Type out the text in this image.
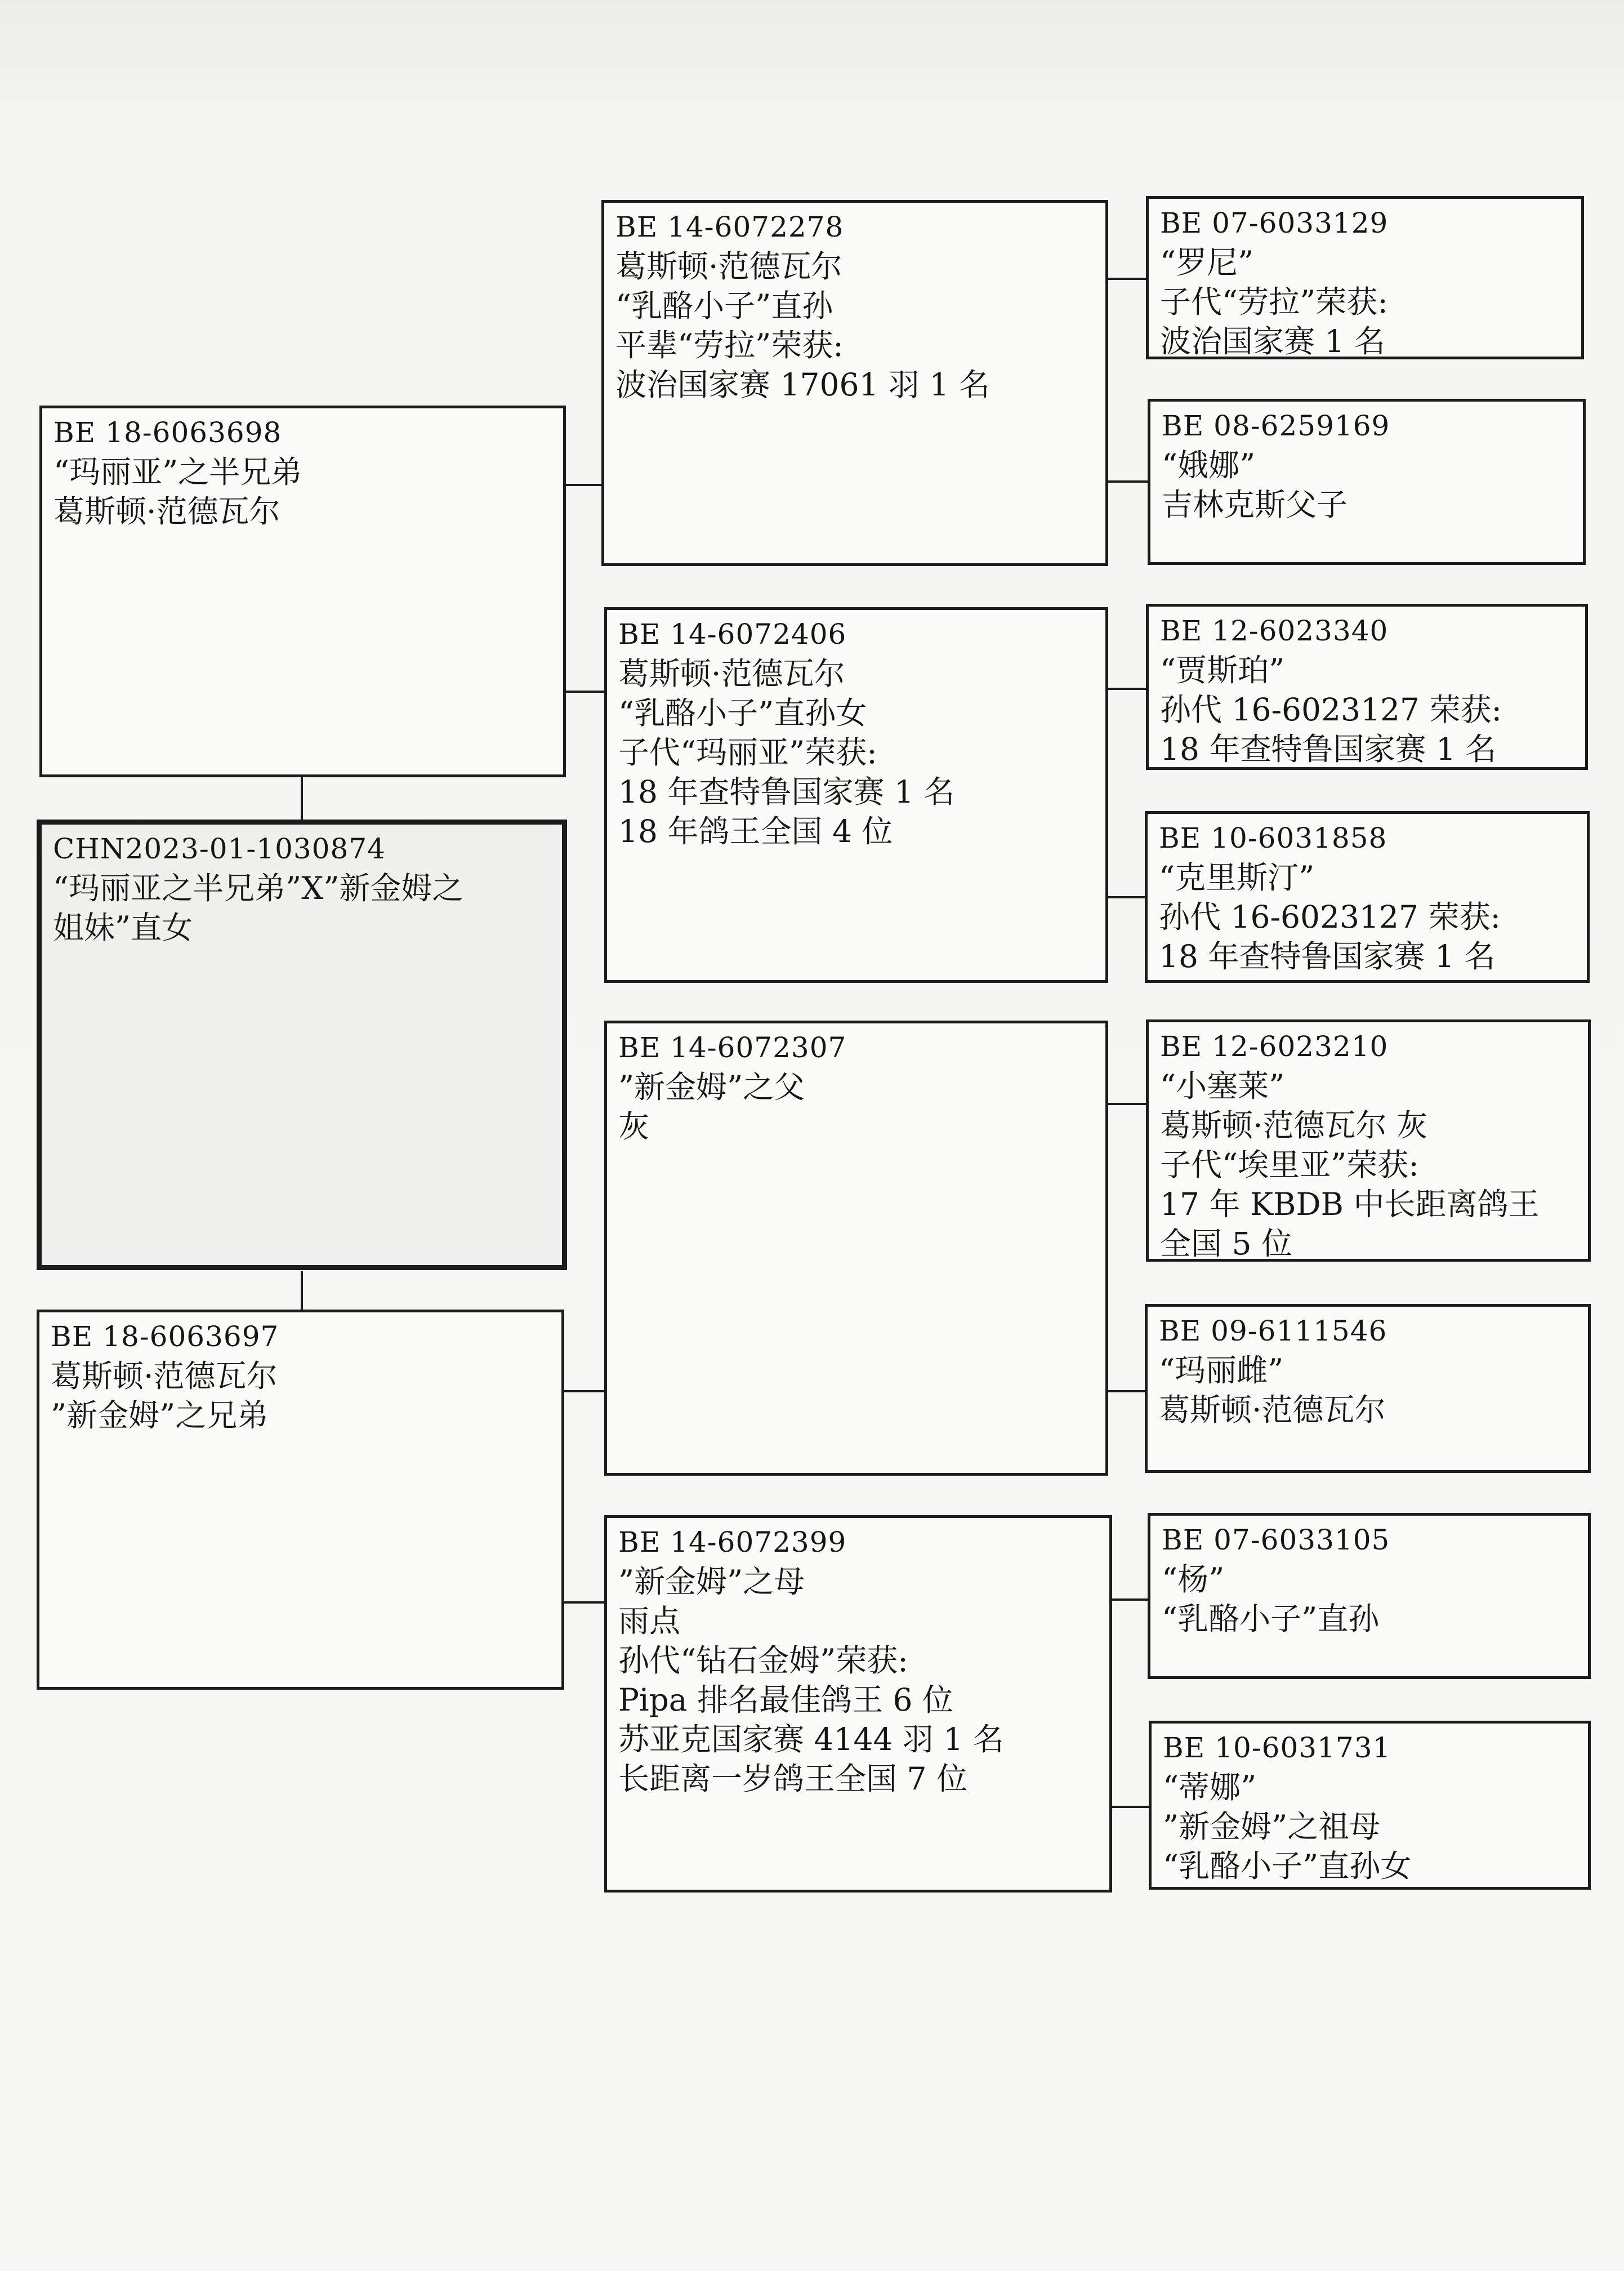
CHN2023-01-1030874
“玛丽亚之半兄弟”X”新金姆之
姐妹”直女
BE 18-6063698
“玛丽亚”之半兄弟
葛斯顿·范德瓦尔
BE 18-6063697
葛斯顿·范德瓦尔
”新金姆”之兄弟
BE 14-6072278
葛斯顿·范德瓦尔
“乳酪小子”直孙
平辈“劳拉”荣获:
波治国家赛 17061 羽 1 名
BE 14-6072406
葛斯顿·范德瓦尔
“乳酪小子”直孙女
子代“玛丽亚”荣获:
18 年查特鲁国家赛 1 名
18 年鸽王全国 4 位
BE 14-6072307
”新金姆”之父
灰
BE 14-6072399
”新金姆”之母
雨点
孙代“钻石金姆”荣获:
Pipa 排名最佳鸽王 6 位
苏亚克国家赛 4144 羽 1 名
长距离一岁鸽王全国 7 位
BE 07-6033129
“罗尼”
子代“劳拉”荣获:
波治国家赛 1 名
BE 08-6259169
“娥娜”
吉林克斯父子
BE 12-6023340
“贾斯珀”
孙代 16-6023127 荣获:
18 年查特鲁国家赛 1 名
BE 10-6031858
“克里斯汀”
孙代 16-6023127 荣获:
18 年查特鲁国家赛 1 名
BE 12-6023210
“小塞莱”
葛斯顿·范德瓦尔 灰
子代“埃里亚”荣获:
17 年 KBDB 中长距离鸽王
全国 5 位
BE 09-6111546
“玛丽雌”
葛斯顿·范德瓦尔
BE 07-6033105
“杨”
“乳酪小子”直孙
BE 10-6031731
“蒂娜”
”新金姆”之祖母
“乳酪小子”直孙女
